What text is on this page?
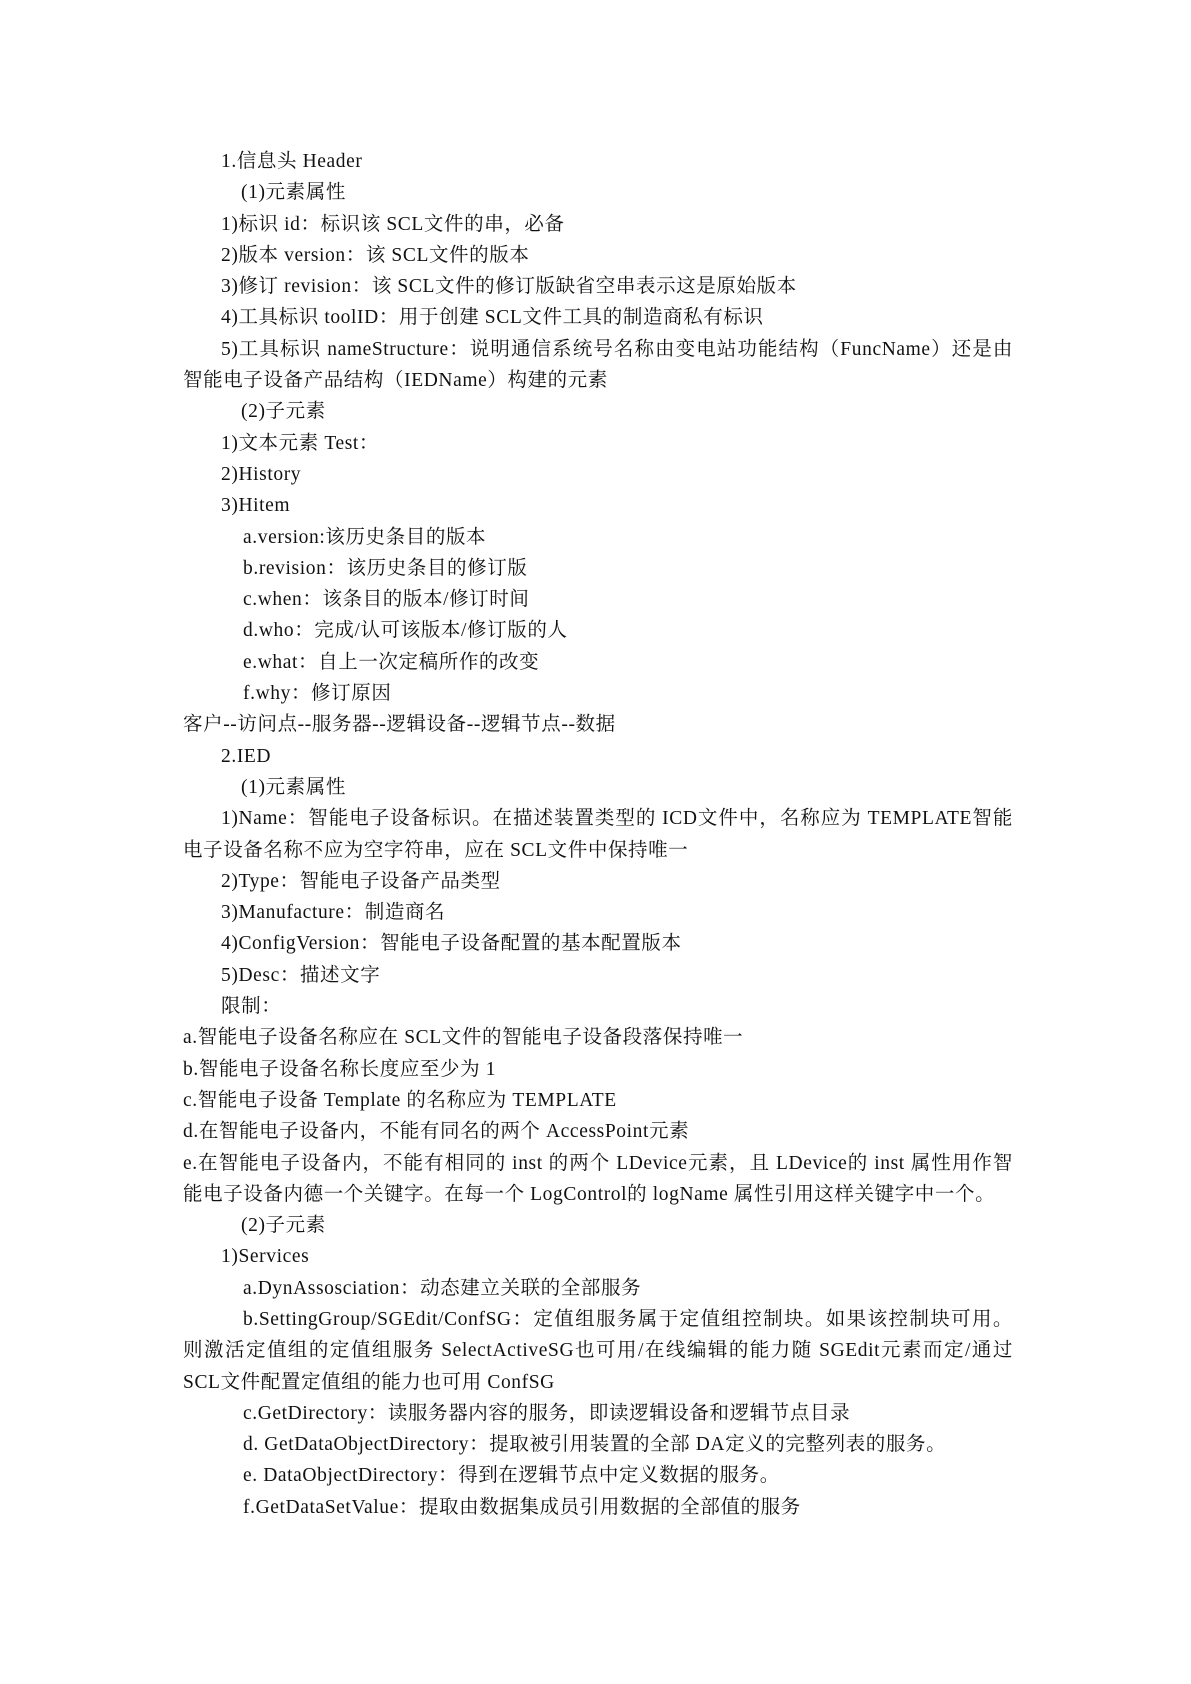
1.信息头 Header
(1)元素属性
1)标识 id：标识该 SCL文件的串，必备
2)版本 version：该 SCL文件的版本
3)修订 revision：该 SCL文件的修订版缺省空串表示这是原始版本
4)工具标识 toolID：用于创建 SCL文件工具的制造商私有标识
5)工具标识 nameStructure：说明通信系统号名称由变电站功能结构（FuncName）还是由智能电子设备产品结构（IEDName）构建的元素
(2)子元素
1)文本元素 Test：
2)History
3)Hitem
a.version:该历史条目的版本
b.revision：该历史条目的修订版
c.when：该条目的版本/修订时间
d.who：完成/认可该版本/修订版的人
e.what：自上一次定稿所作的改变
f.why：修订原因
客户--访问点--服务器--逻辑设备--逻辑节点--数据
2.IED
(1)元素属性
1)Name：智能电子设备标识。在描述装置类型的 ICD文件中，名称应为 TEMPLATE智能电子设备名称不应为空字符串，应在 SCL文件中保持唯一
2)Type：智能电子设备产品类型
3)Manufacture：制造商名
4)ConfigVersion：智能电子设备配置的基本配置版本
5)Desc：描述文字
限制：
a.智能电子设备名称应在 SCL文件的智能电子设备段落保持唯一
b.智能电子设备名称长度应至少为 1
c.智能电子设备 Template 的名称应为 TEMPLATE
d.在智能电子设备内，不能有同名的两个 AccessPoint元素
e.在智能电子设备内，不能有相同的 inst 的两个 LDevice元素，且 LDevice的 inst 属性用作智能电子设备内德一个关键字。在每一个 LogControl的 logName 属性引用这样关键字中一个。
(2)子元素
1)Services
a.DynAssosciation：动态建立关联的全部服务
b.SettingGroup/SGEdit/ConfSG：定值组服务属于定值组控制块。如果该控制块可用。则激活定值组的定值组服务 SelectActiveSG也可用/在线编辑的能力随 SGEdit元素而定/通过 SCL文件配置定值组的能力也可用 ConfSG
c.GetDirectory：读服务器内容的服务，即读逻辑设备和逻辑节点目录
d. GetDataObjectDirectory：提取被引用装置的全部 DA定义的完整列表的服务。
e. DataObjectDirectory：得到在逻辑节点中定义数据的服务。
f.GetDataSetValue：提取由数据集成员引用数据的全部值的服务
